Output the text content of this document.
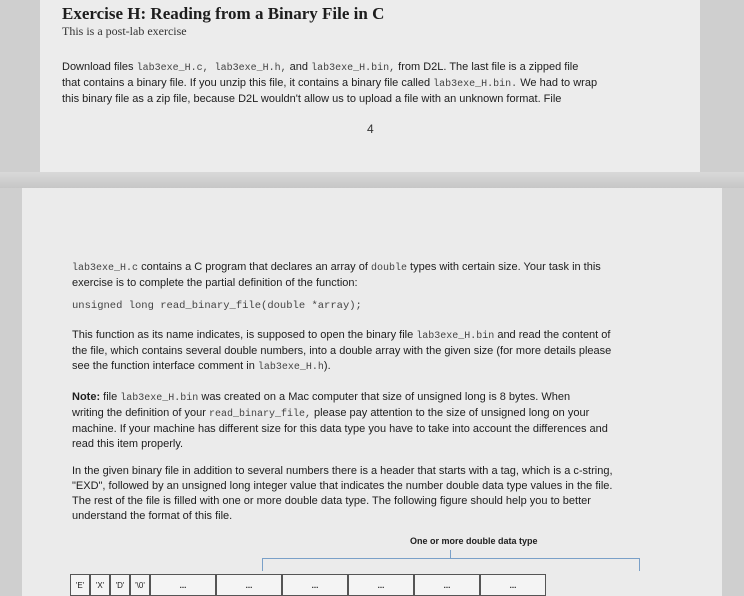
Exercise H: Reading from a Binary File in C
This is a post-lab exercise
Download files lab3exe_H.c, lab3exe_H.h, and lab3exe_H.bin, from D2L. The last file is a zipped file
that contains a binary file. If you unzip this file, it contains a binary file called lab3exe_H.bin. We had to wrap
this binary file as a zip file, because D2L wouldn't allow us to upload a file with an unknown format. File
4
lab3exe_H.c contains a C program that declares an array of double types with certain size. Your task in this
exercise is to complete the partial definition of the function:
unsigned long read_binary_file(double *array);
This function as its name indicates, is supposed to open the binary file lab3exe_H.bin and read the content of
the file, which contains several double numbers, into a double array with the given size (for more details please
see the function interface comment in lab3exe_H.h).
Note: file lab3exe_H.bin was created on a Mac computer that size of unsigned long is 8 bytes. When
writing the definition of your read_binary_file, please pay attention to the size of unsigned long on your
machine. If your machine has different size for this data type you have to take into account the differences and
read this item properly.
In the given binary file in addition to several numbers there is a header that starts with a tag, which is a c-string,
"EXD", followed by an unsigned long integer value that indicates the number double data type values in the file.
The rest of the file is filled with one or more double data type. The following figure should help you to better
understand the format of this file.
One or more double data type
'E'	'X'	'D'	'\0'	...	...	...	...	...	...
